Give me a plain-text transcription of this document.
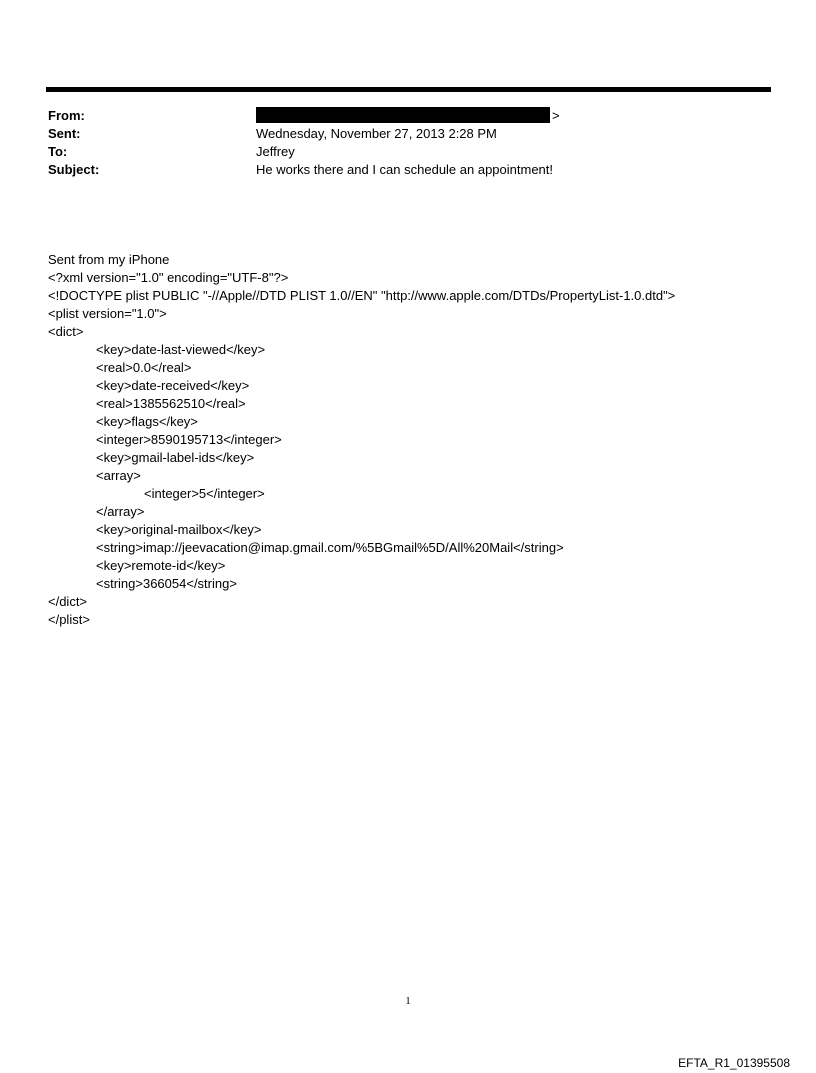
From:	>
Sent:	Wednesday, November 27, 2013 2:28 PM
To:	Jeffrey
Subject:	He works there and I can schedule an appointment!
Sent from my iPhone
<?xml version="1.0" encoding="UTF-8"?>
<!DOCTYPE plist PUBLIC "-//Apple//DTD PLIST 1.0//EN" "http://www.apple.com/DTDs/PropertyList-1.0.dtd">
<plist version="1.0">
<dict>
<key>date-last-viewed</key>
<real>0.0</real>
<key>date-received</key>
<real>1385562510</real>
<key>flags</key>
<integer>8590195713</integer>
<key>gmail-label-ids</key>
<array>
<integer>5</integer>
</array>
<key>original-mailbox</key>
<string>imap://jeevacation@imap.gmail.com/%5BGmail%5D/All%20Mail</string>
<key>remote-id</key>
<string>366054</string>
</dict>
</plist>
1
EFTA_R1_01395508
